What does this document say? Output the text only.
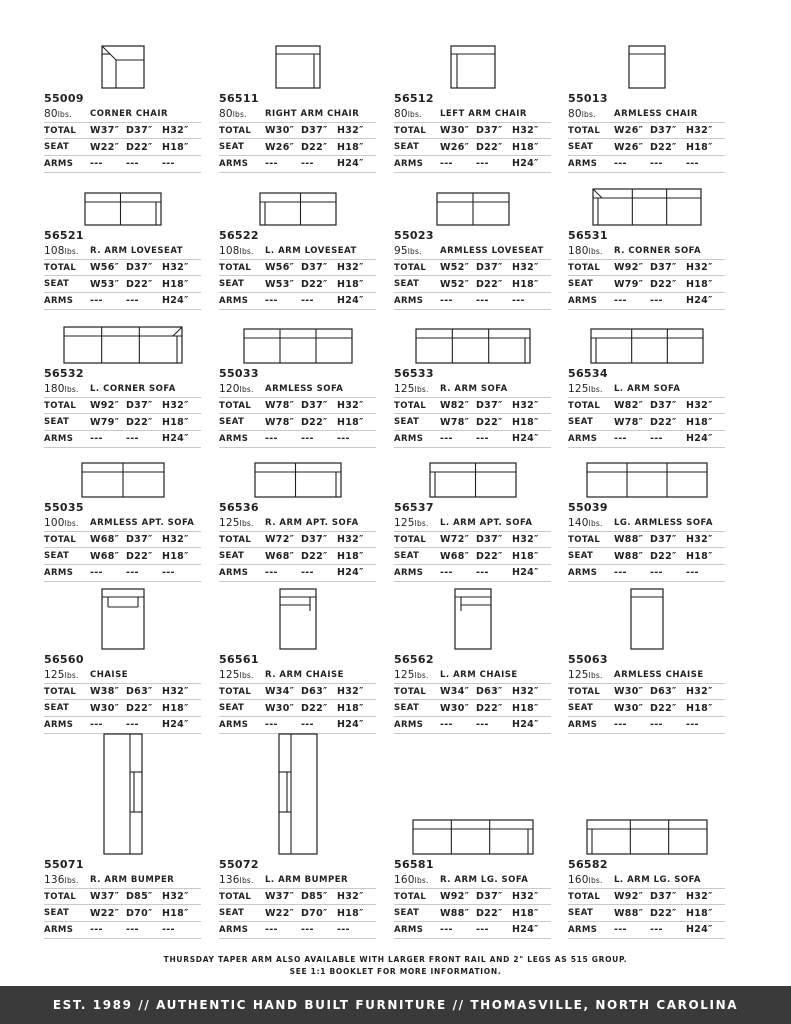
55009
80lbs.	CORNER CHAIR
TOTAL	W37″ D37″ H32″
SEAT	W22″ D22″ H18″
ARMS	---	---	---
56511
80lbs.	RIGHT ARM CHAIR
TOTAL	W30″ D37″ H32″
SEAT	W26″ D22″ H18″
ARMS	---	---	H24″
56512
80lbs.	LEFT ARM CHAIR
TOTAL	W30″ D37″ H32″
SEAT	W26″ D22″ H18″
ARMS	---	---	H24″
55013
80lbs.	ARMLESS CHAIR
TOTAL	W26″ D37″ H32″
SEAT	W26″ D22″ H18″
ARMS	---	---	---
56521
108lbs.	R. ARM LOVESEAT
TOTAL	W56″ D37″ H32″
SEAT	W53″ D22″ H18″
ARMS	---	---	H24″
56522
108lbs.	L. ARM LOVESEAT
TOTAL	W56″ D37″ H32″
SEAT	W53″ D22″ H18″
ARMS	---	---	H24″
55023
95lbs.	ARMLESS LOVESEAT
TOTAL	W52″ D37″ H32″
SEAT	W52″ D22″ H18″
ARMS	---	---	---
56531
180lbs.	R. CORNER SOFA
TOTAL	W92″ D37″ H32″
SEAT	W79″ D22″ H18″
ARMS	---	---	H24″
56532
180lbs.	L. CORNER SOFA
TOTAL	W92″ D37″ H32″
SEAT	W79″ D22″ H18″
ARMS	---	---	H24″
55033
120lbs.	ARMLESS SOFA
TOTAL	W78″ D37″ H32″
SEAT	W78″ D22″ H18″
ARMS	---	---	---
56533
125lbs.	R. ARM SOFA
TOTAL	W82″ D37″ H32″
SEAT	W78″ D22″ H18″
ARMS	---	---	H24″
56534
125lbs.	L. ARM SOFA
TOTAL	W82″ D37″ H32″
SEAT	W78″ D22″ H18″
ARMS	---	---	H24″
55035
100lbs.	ARMLESS APT. SOFA
TOTAL	W68″ D37″ H32″
SEAT	W68″ D22″ H18″
ARMS	---	---	---
56536
125lbs.	R. ARM APT. SOFA
TOTAL	W72″ D37″ H32″
SEAT	W68″ D22″ H18″
ARMS	---	---	H24″
56537
125lbs.	L. ARM APT. SOFA
TOTAL	W72″ D37″ H32″
SEAT	W68″ D22″ H18″
ARMS	---	---	H24″
55039
140lbs.	LG. ARMLESS SOFA
TOTAL	W88″ D37″ H32″
SEAT	W88″ D22″ H18″
ARMS	---	---	---
56560
125lbs.	CHAISE
TOTAL	W38″ D63″ H32″
SEAT	W30″ D22″ H18″
ARMS	---	---	H24″
56561
125lbs.	R. ARM CHAISE
TOTAL	W34″ D63″ H32″
SEAT	W30″ D22″ H18″
ARMS	---	---	H24″
56562
125lbs.	L. ARM CHAISE
TOTAL	W34″ D63″ H32″
SEAT	W30″ D22″ H18″
ARMS	---	---	H24″
55063
125lbs.	ARMLESS CHAISE
TOTAL	W30″ D63″ H32″
SEAT	W30″ D22″ H18″
ARMS	---	---	---
55071
136lbs.	R. ARM BUMPER
TOTAL	W37″ D85″ H32″
SEAT	W22″ D70″ H18″
ARMS	---	---	---
55072
136lbs.	L. ARM BUMPER
TOTAL	W37″ D85″ H32″
SEAT	W22″ D70″ H18″
ARMS	---	---	---
56581
160lbs.	R. ARM LG. SOFA
TOTAL	W92″ D37″ H32″
SEAT	W88″ D22″ H18″
ARMS	---	---	H24″
56582
160lbs.	L. ARM LG. SOFA
TOTAL	W92″ D37″ H32″
SEAT	W88″ D22″ H18″
ARMS	---	---	H24″
THURSDAY TAPER ARM ALSO AVAILABLE WITH LARGER FRONT RAIL AND 2" LEGS AS 515 GROUP.
SEE 1:1 BOOKLET FOR MORE INFORMATION.
EST. 1989 // AUTHENTIC HAND BUILT FURNITURE // THOMASVILLE, NORTH CAROLINA
